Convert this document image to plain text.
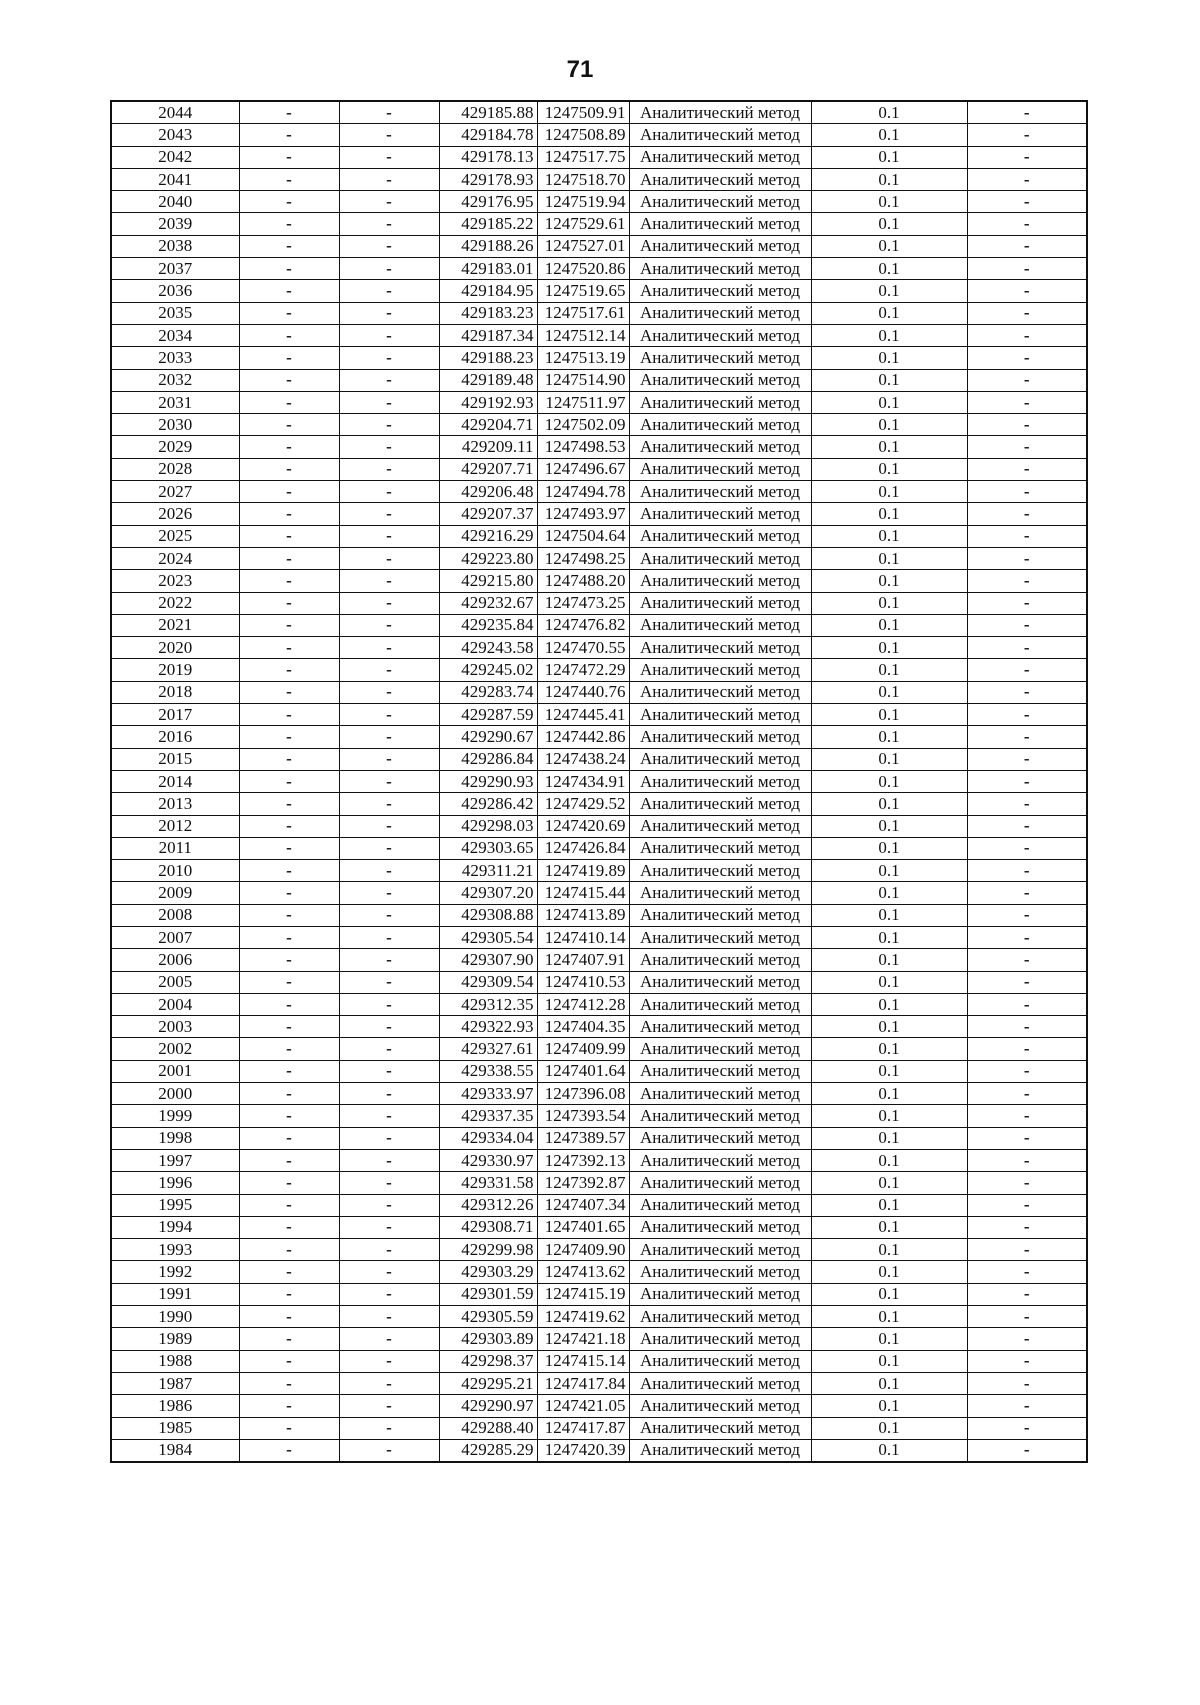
71
2044	-	-	429185.88	1247509.91	Аналитический метод	0.1	-
2043	-	-	429184.78	1247508.89	Аналитический метод	0.1	-
2042	-	-	429178.13	1247517.75	Аналитический метод	0.1	-
2041	-	-	429178.93	1247518.70	Аналитический метод	0.1	-
2040	-	-	429176.95	1247519.94	Аналитический метод	0.1	-
2039	-	-	429185.22	1247529.61	Аналитический метод	0.1	-
2038	-	-	429188.26	1247527.01	Аналитический метод	0.1	-
2037	-	-	429183.01	1247520.86	Аналитический метод	0.1	-
2036	-	-	429184.95	1247519.65	Аналитический метод	0.1	-
2035	-	-	429183.23	1247517.61	Аналитический метод	0.1	-
2034	-	-	429187.34	1247512.14	Аналитический метод	0.1	-
2033	-	-	429188.23	1247513.19	Аналитический метод	0.1	-
2032	-	-	429189.48	1247514.90	Аналитический метод	0.1	-
2031	-	-	429192.93	1247511.97	Аналитический метод	0.1	-
2030	-	-	429204.71	1247502.09	Аналитический метод	0.1	-
2029	-	-	429209.11	1247498.53	Аналитический метод	0.1	-
2028	-	-	429207.71	1247496.67	Аналитический метод	0.1	-
2027	-	-	429206.48	1247494.78	Аналитический метод	0.1	-
2026	-	-	429207.37	1247493.97	Аналитический метод	0.1	-
2025	-	-	429216.29	1247504.64	Аналитический метод	0.1	-
2024	-	-	429223.80	1247498.25	Аналитический метод	0.1	-
2023	-	-	429215.80	1247488.20	Аналитический метод	0.1	-
2022	-	-	429232.67	1247473.25	Аналитический метод	0.1	-
2021	-	-	429235.84	1247476.82	Аналитический метод	0.1	-
2020	-	-	429243.58	1247470.55	Аналитический метод	0.1	-
2019	-	-	429245.02	1247472.29	Аналитический метод	0.1	-
2018	-	-	429283.74	1247440.76	Аналитический метод	0.1	-
2017	-	-	429287.59	1247445.41	Аналитический метод	0.1	-
2016	-	-	429290.67	1247442.86	Аналитический метод	0.1	-
2015	-	-	429286.84	1247438.24	Аналитический метод	0.1	-
2014	-	-	429290.93	1247434.91	Аналитический метод	0.1	-
2013	-	-	429286.42	1247429.52	Аналитический метод	0.1	-
2012	-	-	429298.03	1247420.69	Аналитический метод	0.1	-
2011	-	-	429303.65	1247426.84	Аналитический метод	0.1	-
2010	-	-	429311.21	1247419.89	Аналитический метод	0.1	-
2009	-	-	429307.20	1247415.44	Аналитический метод	0.1	-
2008	-	-	429308.88	1247413.89	Аналитический метод	0.1	-
2007	-	-	429305.54	1247410.14	Аналитический метод	0.1	-
2006	-	-	429307.90	1247407.91	Аналитический метод	0.1	-
2005	-	-	429309.54	1247410.53	Аналитический метод	0.1	-
2004	-	-	429312.35	1247412.28	Аналитический метод	0.1	-
2003	-	-	429322.93	1247404.35	Аналитический метод	0.1	-
2002	-	-	429327.61	1247409.99	Аналитический метод	0.1	-
2001	-	-	429338.55	1247401.64	Аналитический метод	0.1	-
2000	-	-	429333.97	1247396.08	Аналитический метод	0.1	-
1999	-	-	429337.35	1247393.54	Аналитический метод	0.1	-
1998	-	-	429334.04	1247389.57	Аналитический метод	0.1	-
1997	-	-	429330.97	1247392.13	Аналитический метод	0.1	-
1996	-	-	429331.58	1247392.87	Аналитический метод	0.1	-
1995	-	-	429312.26	1247407.34	Аналитический метод	0.1	-
1994	-	-	429308.71	1247401.65	Аналитический метод	0.1	-
1993	-	-	429299.98	1247409.90	Аналитический метод	0.1	-
1992	-	-	429303.29	1247413.62	Аналитический метод	0.1	-
1991	-	-	429301.59	1247415.19	Аналитический метод	0.1	-
1990	-	-	429305.59	1247419.62	Аналитический метод	0.1	-
1989	-	-	429303.89	1247421.18	Аналитический метод	0.1	-
1988	-	-	429298.37	1247415.14	Аналитический метод	0.1	-
1987	-	-	429295.21	1247417.84	Аналитический метод	0.1	-
1986	-	-	429290.97	1247421.05	Аналитический метод	0.1	-
1985	-	-	429288.40	1247417.87	Аналитический метод	0.1	-
1984	-	-	429285.29	1247420.39	Аналитический метод	0.1	-
